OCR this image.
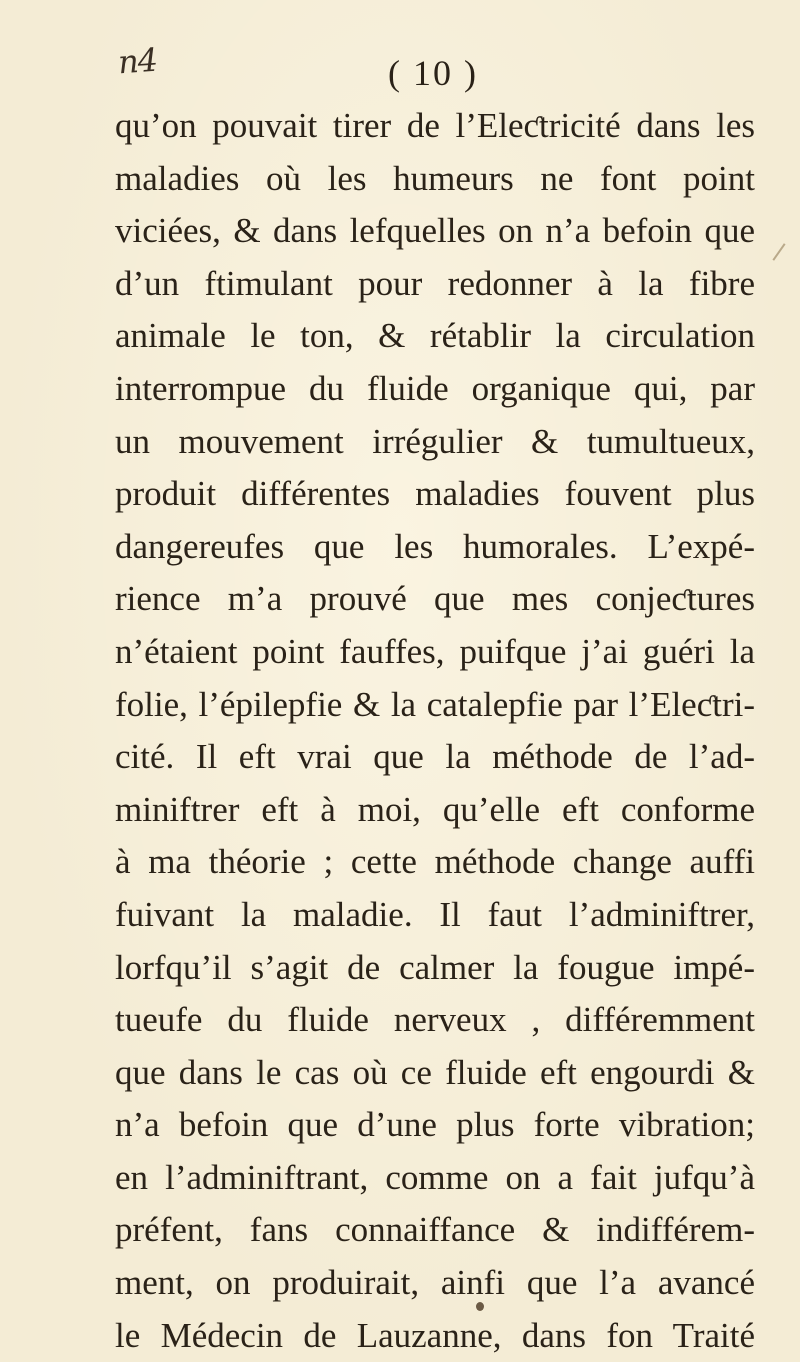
n4	( 10 )
qu’on pouvait tirer de l’Eleƈtricité dans les
maladies où les humeurs ne font point
viciées, & dans lefquelles on n’a befoin que
d’un ftimulant pour redonner à la fibre
animale le ton, & rétablir la circulation
interrompue du fluide organique qui, par
un mouvement irrégulier & tumultueux,
produit différentes maladies fouvent plus
dangereufes que les humorales. L’expé-
rience m’a prouvé que mes conjeƈtures
n’étaient point fauffes, puifque j’ai guéri la
folie, l’épilepfie & la catalepfie par l’Eleƈtri-
cité. Il eft vrai que la méthode de l’ad-
miniftrer eft à moi, qu’elle eft conforme
à ma théorie ; cette méthode change auffi
fuivant la maladie. Il faut l’adminiftrer,
lorfqu’il s’agit de calmer la fougue impé-
tueufe du fluide nerveux , différemment
que dans le cas où ce fluide eft engourdi &
n’a befoin que d’une plus forte vibration;
en l’adminiftrant, comme on a fait jufqu’à
préfent, fans connaiffance & indifférem-
ment, on produirait, ainfi que l’a avancé
le Médecin de Lauzanne, dans fon Traité
